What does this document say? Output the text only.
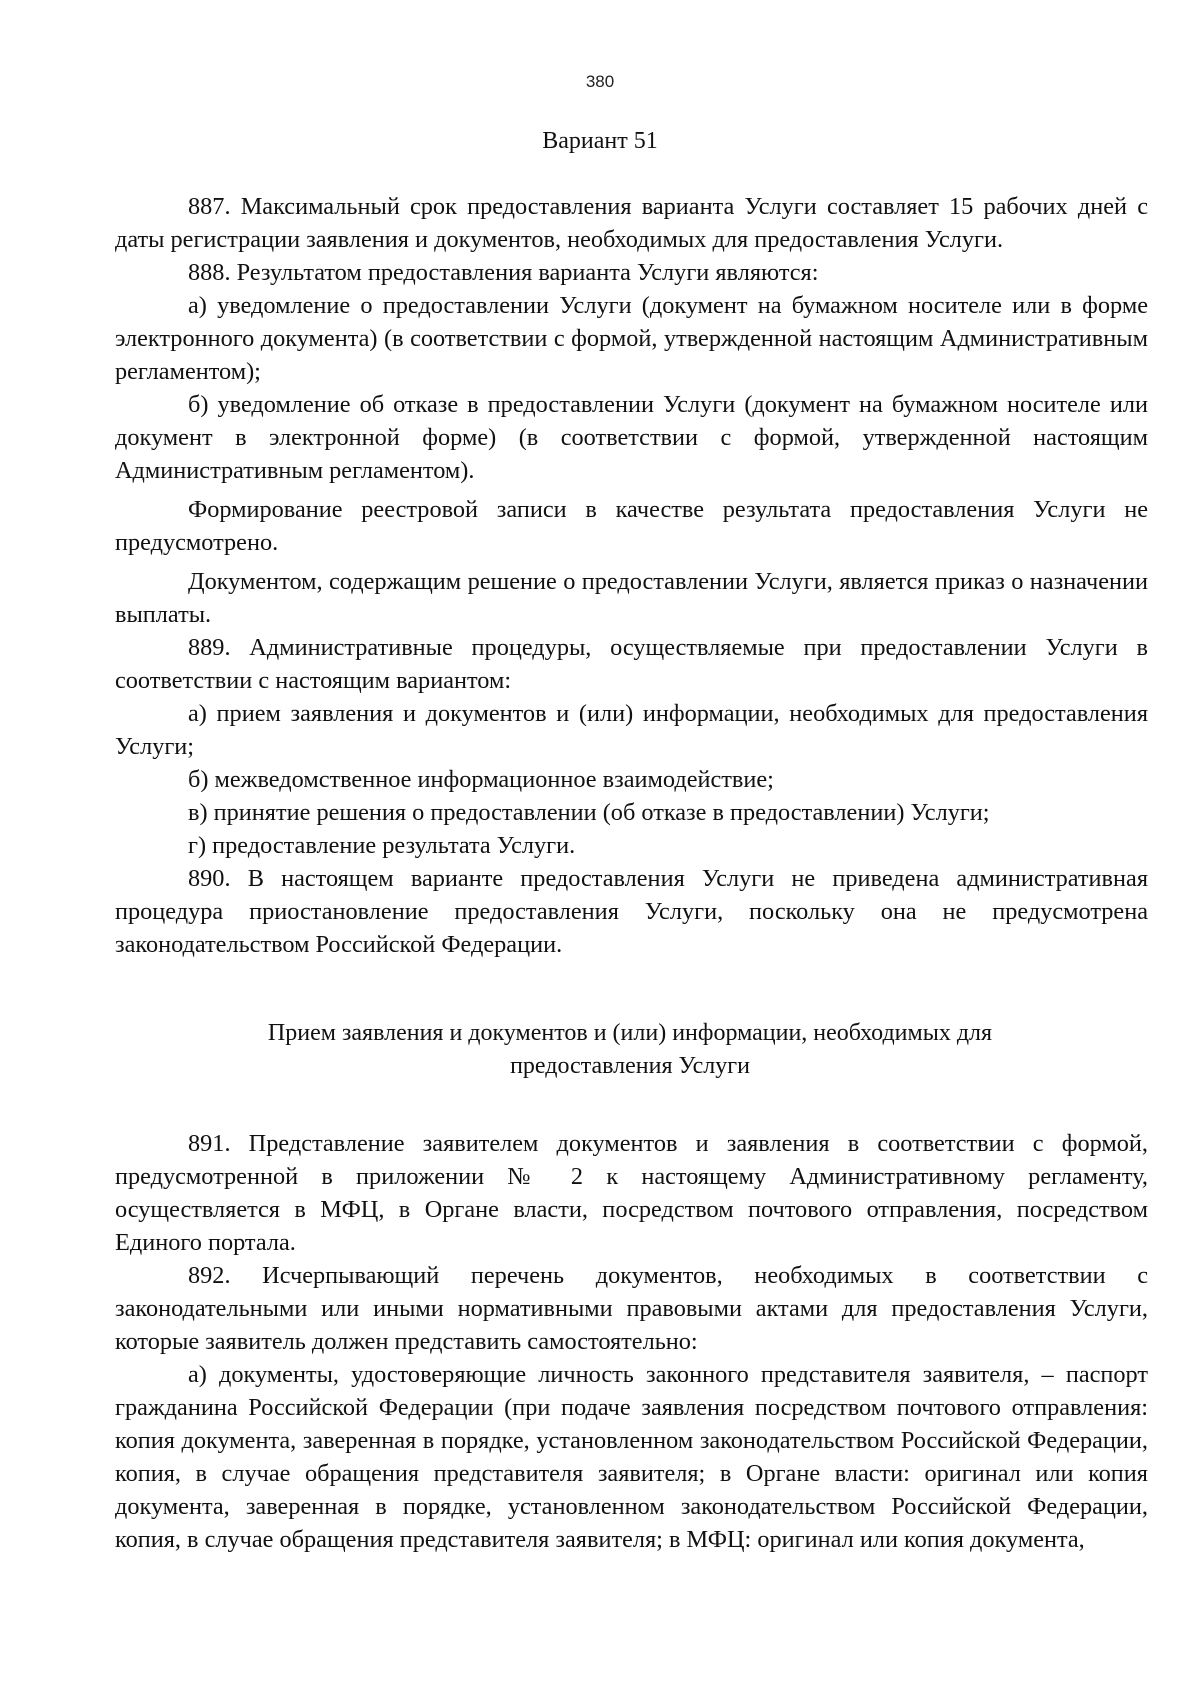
380
Вариант 51

887. Максимальный срок предоставления варианта Услуги составляет 15 рабочих дней с даты регистрации заявления и документов, необходимых для предоставления Услуги.

888. Результатом предоставления варианта Услуги являются:

а) уведомление о предоставлении Услуги (документ на бумажном носителе или в форме электронного документа) (в соответствии с формой, утвержденной настоящим Административным регламентом);

б) уведомление об отказе в предоставлении Услуги (документ на бумажном носителе или документ в электронной форме) (в соответствии с формой, утвержденной настоящим Административным регламентом).

Формирование реестровой записи в качестве результата предоставления Услуги не предусмотрено.

Документом, содержащим решение о предоставлении Услуги, является приказ о назначении выплаты.

889. Административные процедуры, осуществляемые при предоставлении Услуги в соответствии с настоящим вариантом:

а) прием заявления и документов и (или) информации, необходимых для предоставления Услуги;

б) межведомственное информационное взаимодействие;

в) принятие решения о предоставлении (об отказе в предоставлении) Услуги;

г) предоставление результата Услуги.

890. В настоящем варианте предоставления Услуги не приведена административная процедура приостановление предоставления Услуги, поскольку она не предусмотрена законодательством Российской Федерации.

Прием заявления и документов и (или) информации, необходимых для предоставления Услуги

891. Представление заявителем документов и заявления в соответствии с формой, предусмотренной в приложении № 2 к настоящему Административному регламенту, осуществляется в МФЦ, в Органе власти, посредством почтового отправления, посредством Единого портала.

892. Исчерпывающий перечень документов, необходимых в соответствии с законодательными или иными нормативными правовыми актами для предоставления Услуги, которые заявитель должен представить самостоятельно:

а) документы, удостоверяющие личность законного представителя заявителя, – паспорт гражданина Российской Федерации (при подаче заявления посредством почтового отправления: копия документа, заверенная в порядке, установленном законодательством Российской Федерации, копия, в случае обращения представителя заявителя; в Органе власти: оригинал или копия документа, заверенная в порядке, установленном законодательством Российской Федерации, копия, в случае обращения представителя заявителя; в МФЦ: оригинал или копия документа,
